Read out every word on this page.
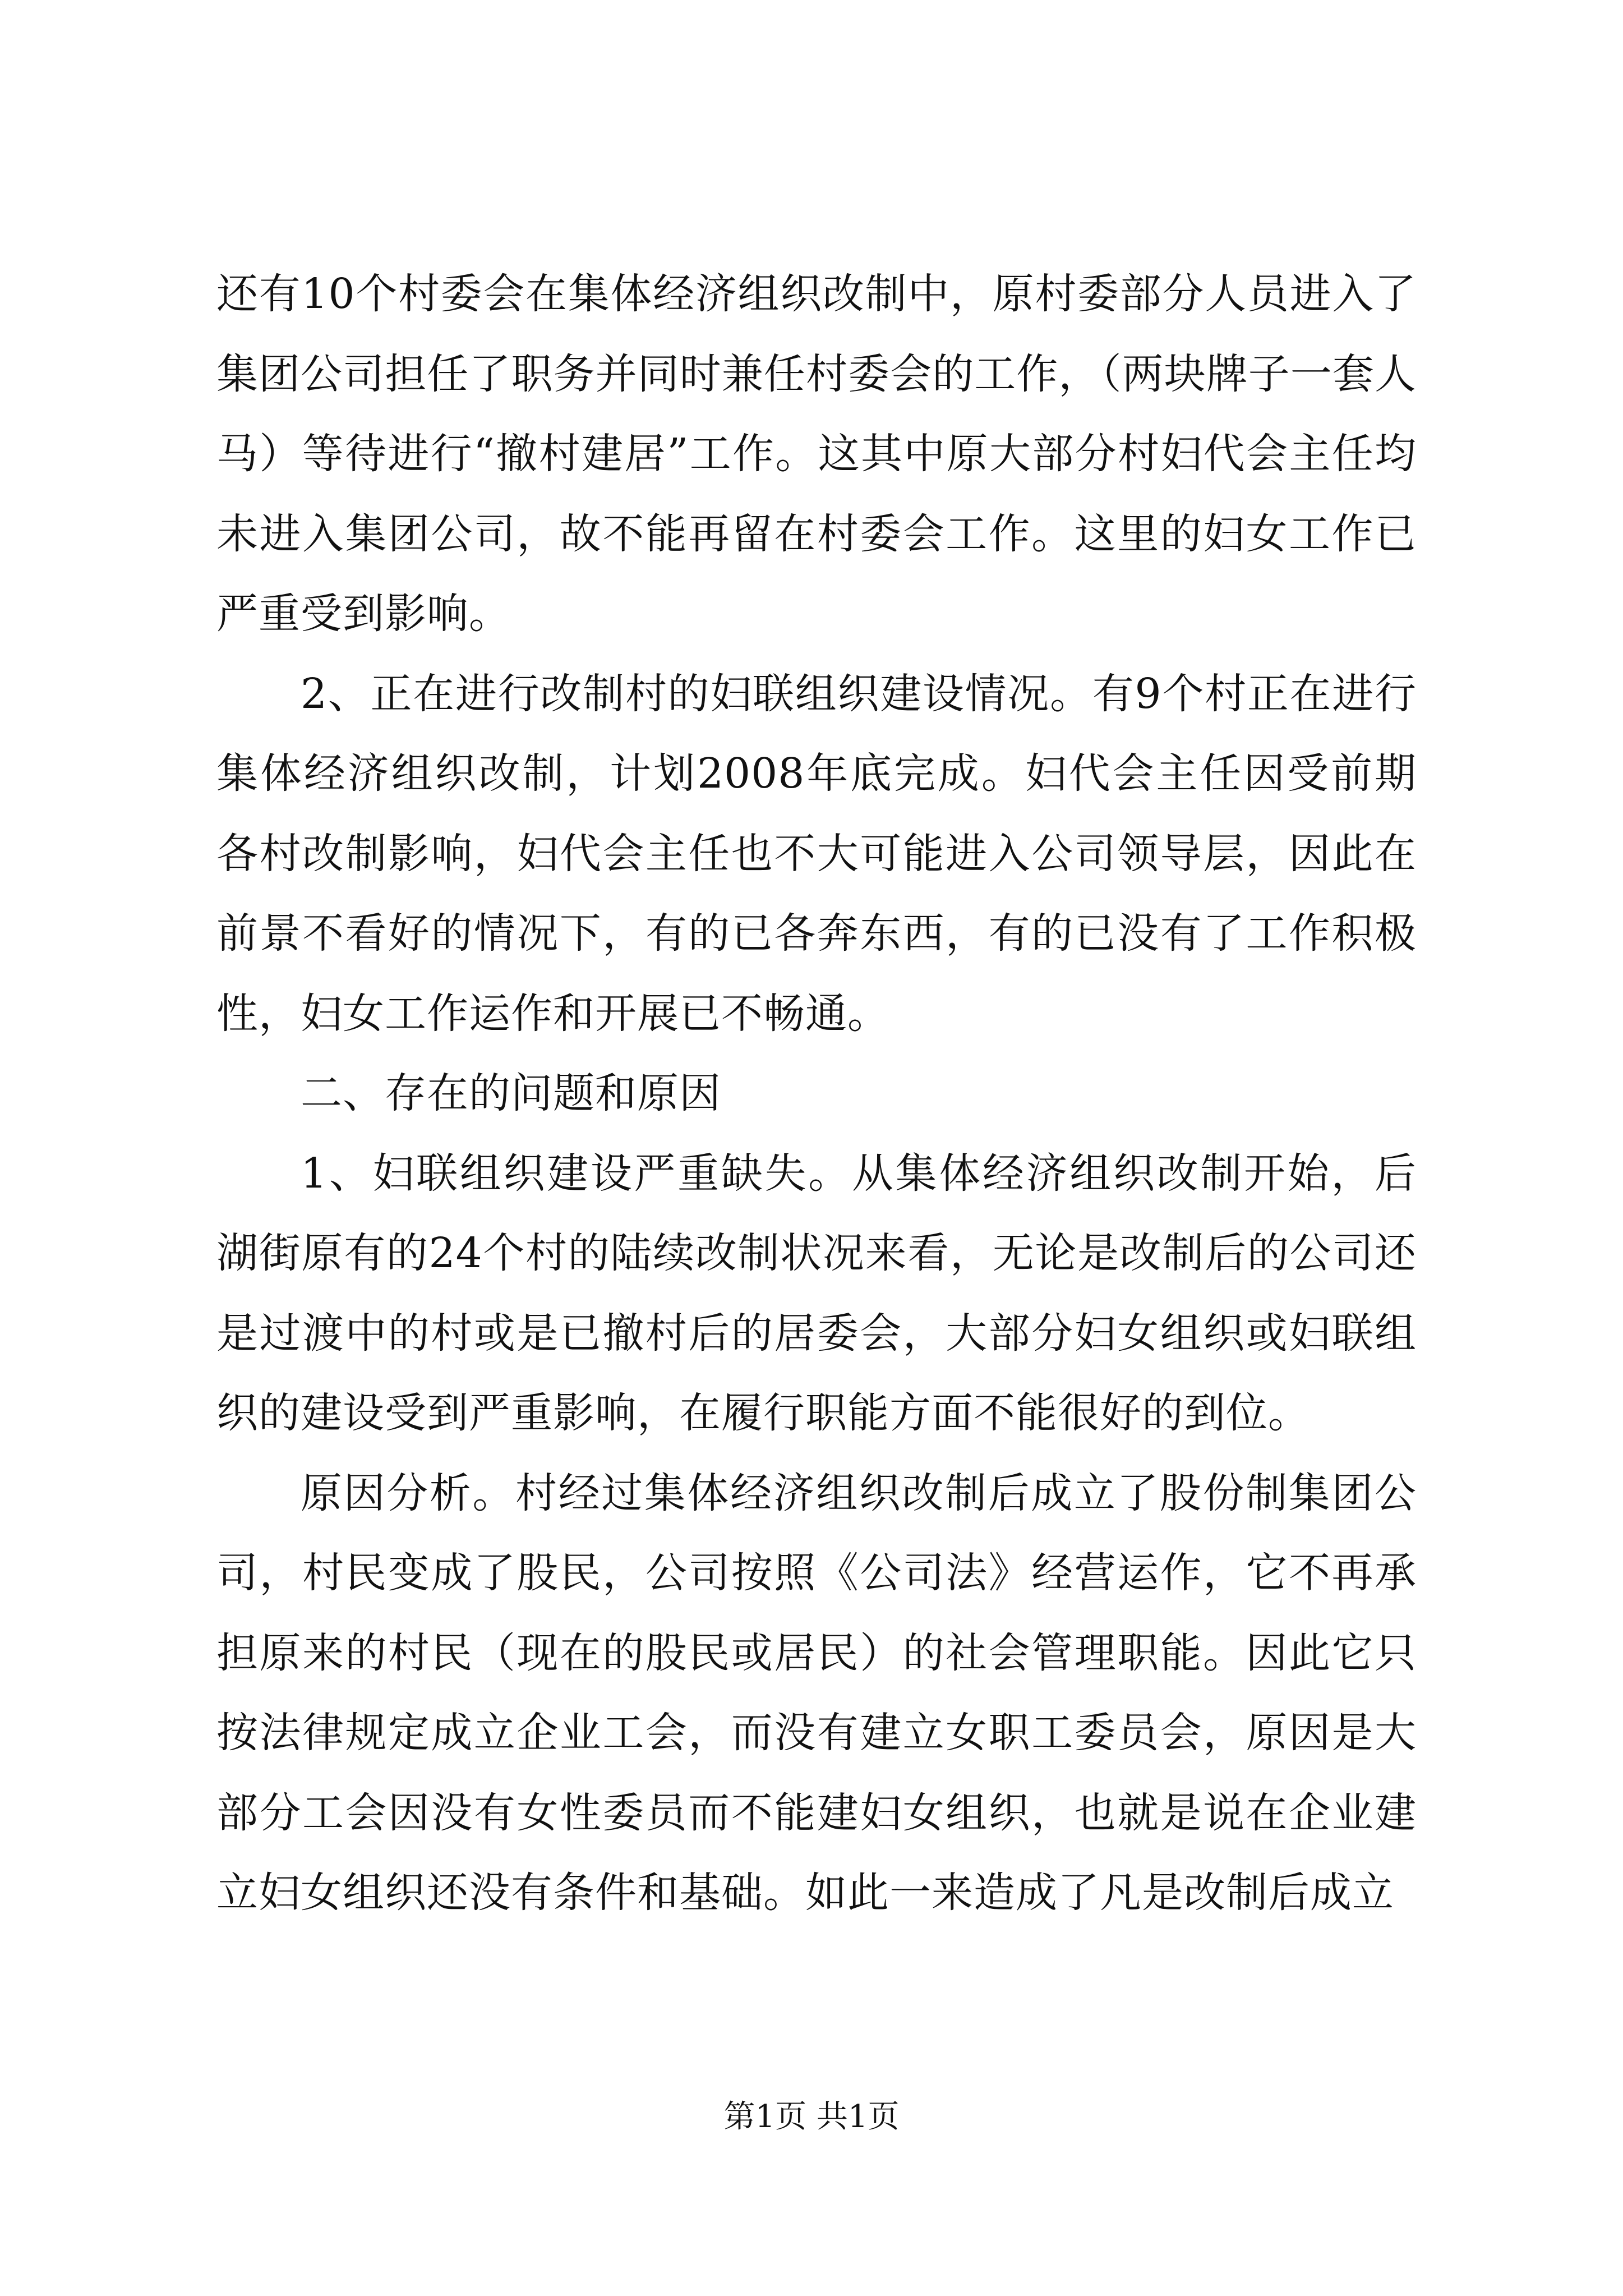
还有10个村委会在集体经济组织改制中，原村委部分人员进入了集团公司担任了职务并同时兼任村委会的工作，（两块牌子一套人马）等待进行“撤村建居”工作。这其中原大部分村妇代会主任均未进入集团公司，故不能再留在村委会工作。这里的妇女工作已严重受到影响。

2、正在进行改制村的妇联组织建设情况。有9个村正在进行集体经济组织改制，计划2008年底完成。妇代会主任因受前期各村改制影响，妇代会主任也不大可能进入公司领导层，因此在前景不看好的情况下，有的已各奔东西，有的已没有了工作积极性，妇女工作运作和开展已不畅通。

二、存在的问题和原因

1、妇联组织建设严重缺失。从集体经济组织改制开始，后湖街原有的24个村的陆续改制状况来看，无论是改制后的公司还是过渡中的村或是已撤村后的居委会，大部分妇女组织或妇联组织的建设受到严重影响，在履行职能方面不能很好的到位。

原因分析。村经过集体经济组织改制后成立了股份制集团公司，村民变成了股民，公司按照《公司法》经营运作，它不再承担原来的村民（现在的股民或居民）的社会管理职能。因此它只按法律规定成立企业工会，而没有建立女职工委员会，原因是大部分工会因没有女性委员而不能建妇女组织，也就是说在企业建立妇女组织还没有条件和基础。如此一来造成了凡是改制后成立

第1页 共1页
